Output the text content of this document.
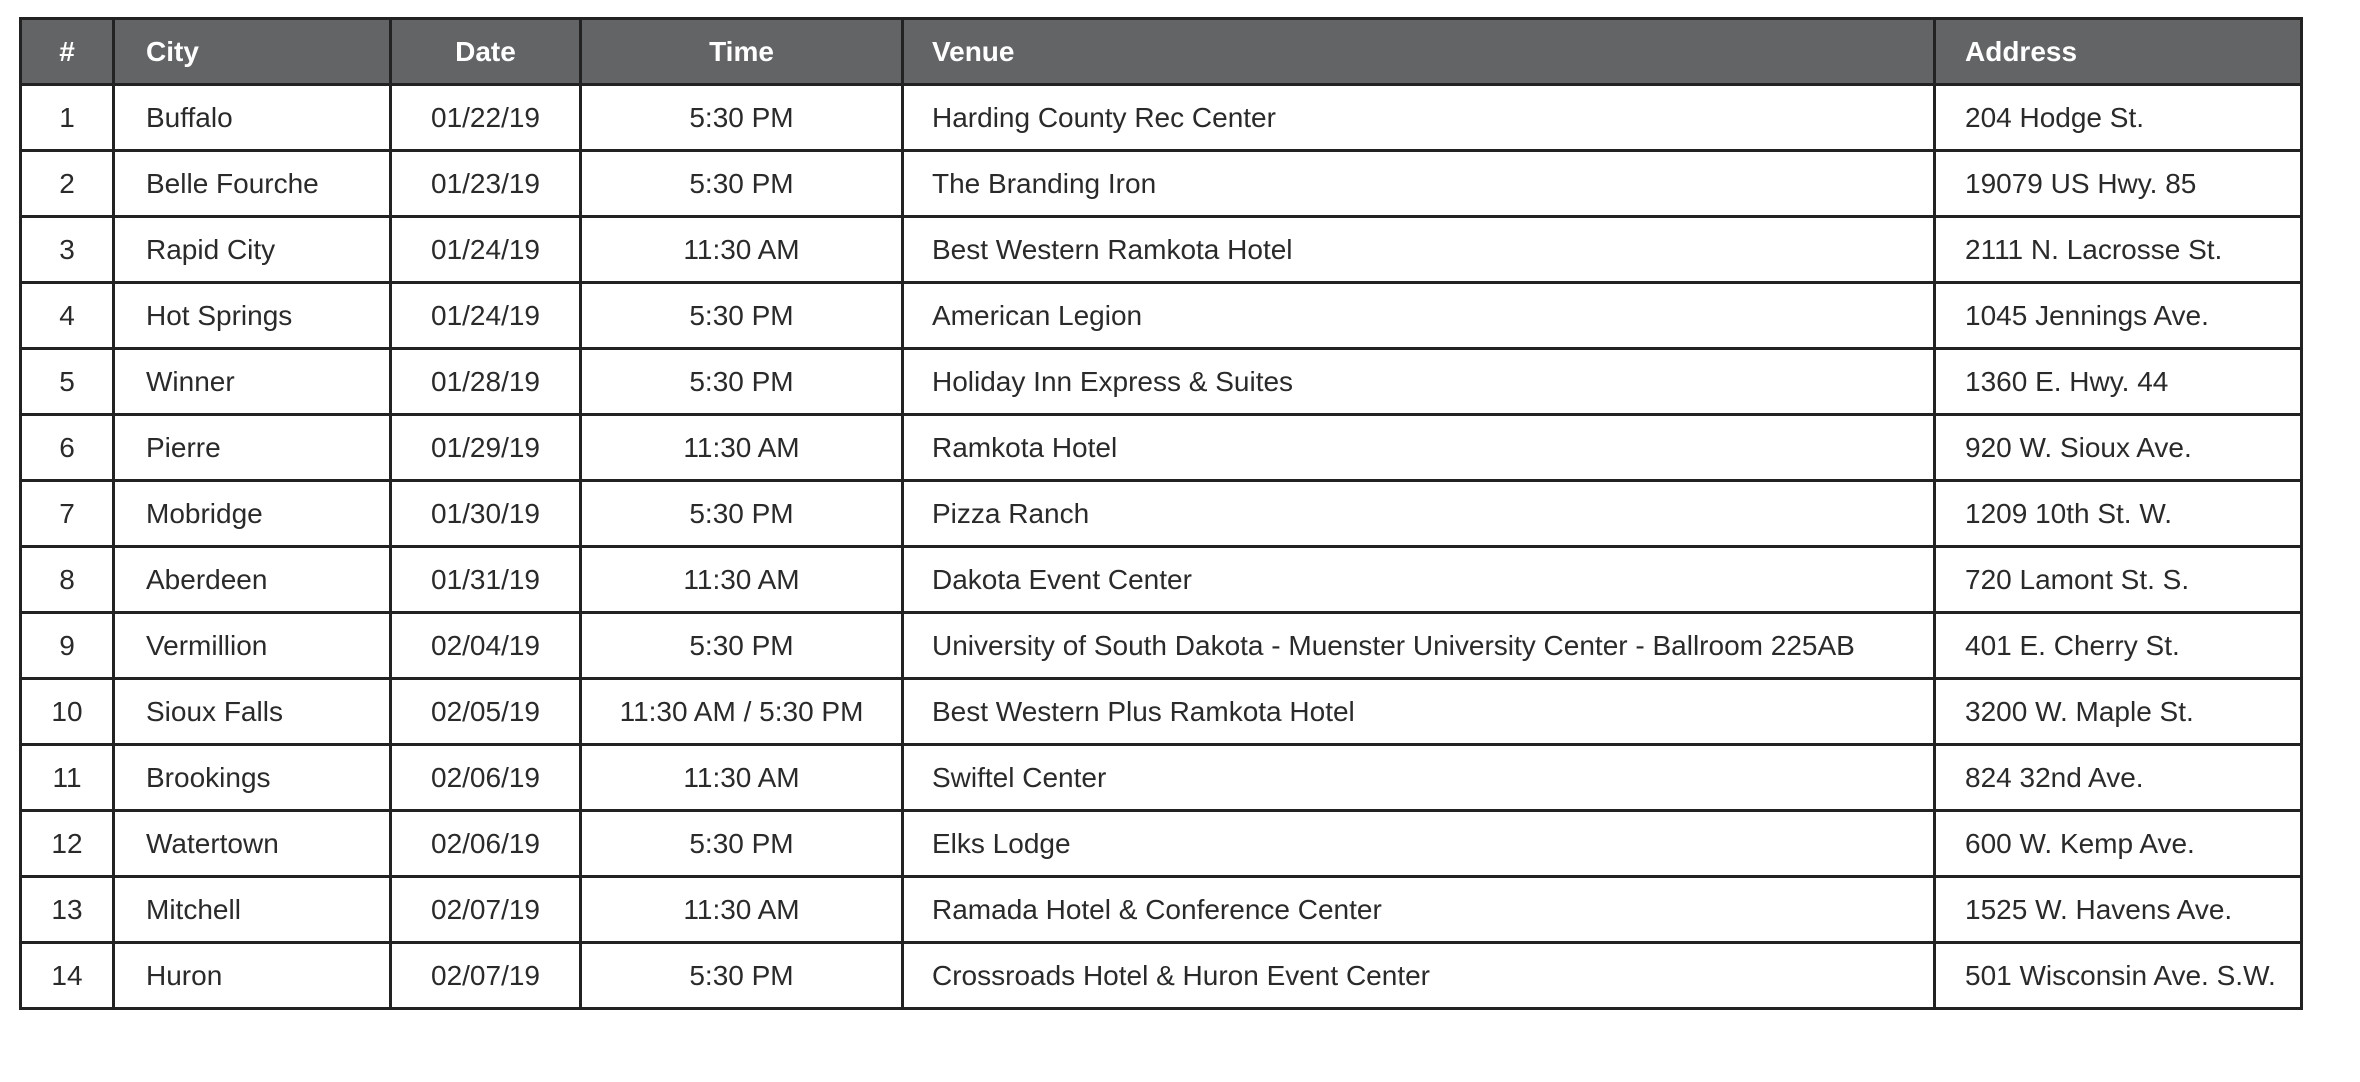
#	City	Date	Time	Venue	Address
1	Buffalo	01/22/19	5:30 PM	Harding County Rec Center	204 Hodge St.
2	Belle Fourche	01/23/19	5:30 PM	The Branding Iron	19079 US Hwy. 85
3	Rapid City	01/24/19	11:30 AM	Best Western Ramkota Hotel	2111 N. Lacrosse St.
4	Hot Springs	01/24/19	5:30 PM	American Legion	1045 Jennings Ave.
5	Winner	01/28/19	5:30 PM	Holiday Inn Express & Suites	1360 E. Hwy. 44
6	Pierre	01/29/19	11:30 AM	Ramkota Hotel	920 W. Sioux Ave.
7	Mobridge	01/30/19	5:30 PM	Pizza Ranch	1209 10th St. W.
8	Aberdeen	01/31/19	11:30 AM	Dakota Event Center	720 Lamont St. S.
9	Vermillion	02/04/19	5:30 PM	University of South Dakota - Muenster University Center - Ballroom 225AB	401 E. Cherry St.
10	Sioux Falls	02/05/19	11:30 AM / 5:30 PM	Best Western Plus Ramkota Hotel	3200 W. Maple St.
11	Brookings	02/06/19	11:30 AM	Swiftel Center	824 32nd Ave.
12	Watertown	02/06/19	5:30 PM	Elks Lodge	600 W. Kemp Ave.
13	Mitchell	02/07/19	11:30 AM	Ramada Hotel & Conference Center	1525 W. Havens Ave.
14	Huron	02/07/19	5:30 PM	Crossroads Hotel & Huron Event Center	501 Wisconsin Ave. S.W.
